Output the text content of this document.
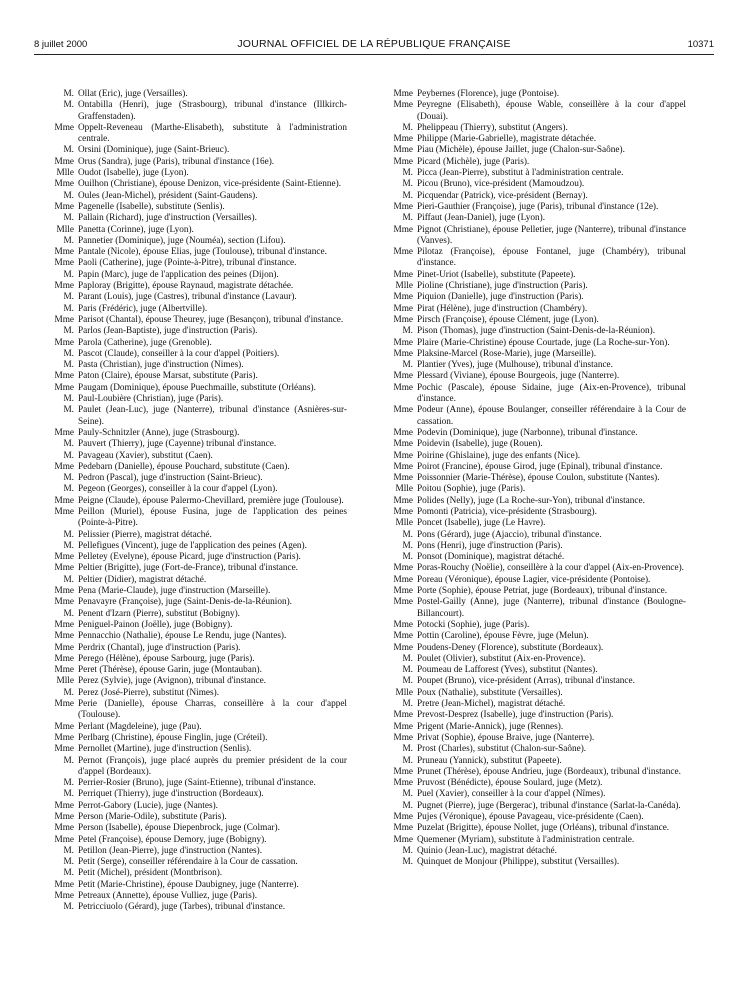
8 juillet 2000	JOURNAL OFFICIEL DE LA RÉPUBLIQUE FRANÇAISE	10371
M. Ollat (Eric), juge (Versailles).
M. Ontabilla (Henri), juge (Strasbourg), tribunal d'instance (Illkirch-Graffenstaden).
Mme Oppelt-Reveneau (Marthe-Elisabeth), substitute à l'administration centrale.
M. Orsini (Dominique), juge (Saint-Brieuc).
Mme Orus (Sandra), juge (Paris), tribunal d'instance (16e).
Mlle Oudot (Isabelle), juge (Lyon).
Mme Ouilhon (Christiane), épouse Denizon, vice-présidente (Saint-Etienne).
M. Oules (Jean-Michel), président (Saint-Gaudens).
Mme Pagenelle (Isabelle), substitute (Senlis).
M. Pallain (Richard), juge d'instruction (Versailles).
Mlle Panetta (Corinne), juge (Lyon).
M. Pannetier (Dominique), juge (Nouméa), section (Lifou).
Mme Pantale (Nicole), épouse Elias, juge (Toulouse), tribunal d'instance.
Mme Paoli (Catherine), juge (Pointe-à-Pitre), tribunal d'instance.
M. Papin (Marc), juge de l'application des peines (Dijon).
Mme Paploray (Brigitte), épouse Raynaud, magistrate détachée.
M. Parant (Louis), juge (Castres), tribunal d'instance (Lavaur).
M. Paris (Frédéric), juge (Albertville).
Mme Parisot (Chantal), épouse Theurey, juge (Besançon), tribunal d'instance.
M. Parlos (Jean-Baptiste), juge d'instruction (Paris).
Mme Parola (Catherine), juge (Grenoble).
M. Pascot (Claude), conseiller à la cour d'appel (Poitiers).
M. Pasta (Christian), juge d'instruction (Nimes).
Mme Paton (Claire), épouse Marsat, substitute (Paris).
Mme Paugam (Dominique), épouse Puechmaille, substitute (Orléans).
M. Paul-Loubière (Christian), juge (Paris).
M. Paulet (Jean-Luc), juge (Nanterre), tribunal d'instance (Asnières-sur-Seine).
Mme Pauly-Schnitzler (Anne), juge (Strasbourg).
M. Pauvert (Thierry), juge (Cayenne) tribunal d'instance.
M. Pavageau (Xavier), substitut (Caen).
Mme Pedebarn (Danielle), épouse Pouchard, substitute (Caen).
M. Pedron (Pascal), juge d'instruction (Saint-Brieuc).
M. Pegeon (Georges), conseiller à la cour d'appel (Lyon).
Mme Peigne (Claude), épouse Palermo-Chevillard, première juge (Toulouse).
Mme Peillon (Muriel), épouse Fusina, juge de l'application des peines (Pointe-à-Pitre).
M. Pelissier (Pierre), magistrat détaché.
M. Pellefigues (Vincent), juge de l'application des peines (Agen).
Mme Pelletey (Evelyne), épouse Picard, juge d'instruction (Paris).
Mme Peltier (Brigitte), juge (Fort-de-France), tribunal d'instance.
M. Peltier (Didier), magistrat détaché.
Mme Pena (Marie-Claude), juge d'instruction (Marseille).
Mme Penavayre (Françoise), juge (Saint-Denis-de-la-Réunion).
M. Penent d'Izarn (Pierre), substitut (Bobigny).
Mme Peniguel-Painon (Joëlle), juge (Bobigny).
Mme Pennacchio (Nathalie), épouse Le Rendu, juge (Nantes).
Mme Perdrix (Chantal), juge d'instruction (Paris).
Mme Perego (Hélène), épouse Sarbourg, juge (Paris).
Mme Peret (Thérèse), épouse Garin, juge (Montauban).
Mlle Perez (Sylvie), juge (Avignon), tribunal d'instance.
M. Perez (José-Pierre), substitut (Nimes).
Mme Perie (Danielle), épouse Charras, conseillère à la cour d'appel (Toulouse).
Mme Perlant (Magdeleine), juge (Pau).
Mme Perlbarg (Christine), épouse Finglin, juge (Créteil).
Mme Pernollet (Martine), juge d'instruction (Senlis).
M. Pernot (François), juge placé auprès du premier président de la cour d'appel (Bordeaux).
M. Perrier-Rosier (Bruno), juge (Saint-Etienne), tribunal d'instance.
M. Perriquet (Thierry), juge d'instruction (Bordeaux).
Mme Perrot-Gabory (Lucie), juge (Nantes).
Mme Person (Marie-Odile), substitute (Paris).
Mme Person (Isabelle), épouse Diepenbrock, juge (Colmar).
Mme Petel (Françoise), épouse Demory, juge (Bobigny).
M. Petillon (Jean-Pierre), juge d'instruction (Nantes).
M. Petit (Serge), conseiller référendaire à la Cour de cassation.
M. Petit (Michel), président (Montbrison).
Mme Petit (Marie-Christine), épouse Daubigney, juge (Nanterre).
Mme Petreaux (Annette), épouse Vulliez, juge (Paris).
M. Petricciuolo (Gérard), juge (Tarbes), tribunal d'instance.
Mme Peybernes (Florence), juge (Pontoise).
Mme Peyregne (Elisabeth), épouse Wable, conseillère à la cour d'appel (Douai).
M. Phelippeau (Thierry), substitut (Angers).
Mme Philippe (Marie-Gabrielle), magistrate détachée.
Mme Piau (Michèle), épouse Jaillet, juge (Chalon-sur-Saône).
Mme Picard (Michèle), juge (Paris).
M. Picca (Jean-Pierre), substitut à l'administration centrale.
M. Picou (Bruno), vice-président (Mamoudzou).
M. Picquendar (Patrick), vice-président (Bernay).
Mme Pieri-Gauthier (Françoise), juge (Paris), tribunal d'instance (12e).
M. Piffaut (Jean-Daniel), juge (Lyon).
Mme Pignot (Christiane), épouse Pelletier, juge (Nanterre), tribunal d'instance (Vanves).
Mme Pilotaz (Françoise), épouse Fontanel, juge (Chambéry), tribunal d'instance.
Mme Pinet-Uriot (Isabelle), substitute (Papeete).
Mlle Pioline (Christiane), juge d'instruction (Paris).
Mme Piquion (Danielle), juge d'instruction (Paris).
Mme Pirat (Hélène), juge d'instruction (Chambéry).
Mme Pirsch (Françoise), épouse Clément, juge (Lyon).
M. Pison (Thomas), juge d'instruction (Saint-Denis-de-la-Réunion).
Mme Plaire (Marie-Christine) épouse Courtade, juge (La Roche-sur-Yon).
Mme Plaksine-Marcel (Rose-Marie), juge (Marseille).
M. Plantier (Yves), juge (Mulhouse), tribunal d'instance.
Mme Plessard (Viviane), épouse Bourgeois, juge (Nanterre).
Mme Pochic (Pascale), épouse Sidaine, juge (Aix-en-Provence), tribunal d'instance.
Mme Podeur (Anne), épouse Boulanger, conseiller référendaire à la Cour de cassation.
Mme Podevin (Dominique), juge (Narbonne), tribunal d'instance.
Mme Poidevin (Isabelle), juge (Rouen).
Mme Poirine (Ghislaine), juge des enfants (Nice).
Mme Poirot (Francine), épouse Girod, juge (Epinal), tribunal d'instance.
Mme Poissonnier (Marie-Thérèse), épouse Coulon, substitute (Nantes).
Mlle Poitou (Sophie), juge (Paris).
Mme Polides (Nelly), juge (La Roche-sur-Yon), tribunal d'instance.
Mme Pomonti (Patricia), vice-présidente (Strasbourg).
Mlle Poncet (Isabelle), juge (Le Havre).
M. Pons (Gérard), juge (Ajaccio), tribunal d'instance.
M. Pons (Henri), juge d'instruction (Paris).
M. Ponsot (Dominique), magistrat détaché.
Mme Poras-Rouchy (Noëlie), conseillère à la cour d'appel (Aix-en-Provence).
Mme Poreau (Véronique), épouse Lagier, vice-présidente (Pontoise).
Mme Porte (Sophie), épouse Petriat, juge (Bordeaux), tribunal d'instance.
Mme Postel-Gailly (Anne), juge (Nanterre), tribunal d'instance (Boulogne-Billancourt).
Mme Potocki (Sophie), juge (Paris).
Mme Pottin (Caroline), épouse Fèvre, juge (Melun).
Mme Poudens-Deney (Florence), substitute (Bordeaux).
M. Poulet (Olivier), substitut (Aix-en-Provence).
M. Poumeau de Lafforest (Yves), substitut (Nantes).
M. Poupet (Bruno), vice-président (Arras), tribunal d'instance.
Mlle Poux (Nathalie), substitute (Versailles).
M. Pretre (Jean-Michel), magistrat détaché.
Mme Prevost-Desprez (Isabelle), juge d'instruction (Paris).
Mme Prigent (Marie-Annick), juge (Rennes).
Mme Privat (Sophie), épouse Braive, juge (Nanterre).
M. Prost (Charles), substitut (Chalon-sur-Saône).
M. Pruneau (Yannick), substitut (Papeete).
Mme Prunet (Thérèse), épouse Andrieu, juge (Bordeaux), tribunal d'instance.
Mme Pruvost (Bénédicte), épouse Soulard, juge (Metz).
M. Puel (Xavier), conseiller à la cour d'appel (Nîmes).
M. Pugnet (Pierre), juge (Bergerac), tribunal d'instance (Sarlat-la-Canéda).
Mme Pujes (Véronique), épouse Pavageau, vice-présidente (Caen).
Mme Puzelat (Brigitte), épouse Nollet, juge (Orléans), tribunal d'instance.
Mme Quemener (Myriam), substitute à l'administration centrale.
M. Quinio (Jean-Luc), magistrat détaché.
M. Quinquet de Monjour (Philippe), substitut (Versailles).
